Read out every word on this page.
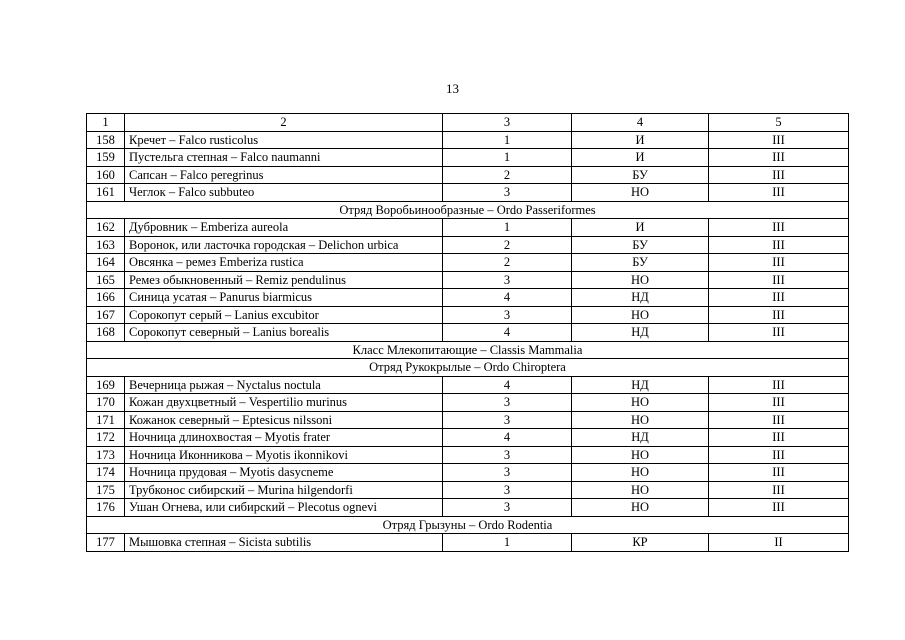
13
1	2	3	4	5
158	Кречет – Falco rusticolus	1	И	III
159	Пустельга степная – Falco naumanni	1	И	III
160	Сапсан – Falco peregrinus	2	БУ	III
161	Чеглок – Falco subbuteo	3	НО	III
Отряд Воробьинообразные – Ordo Passeriformes				
162	Дубровник – Emberiza aureola	1	И	III
163	Воронок, или ласточка городская – Delichon urbica	2	БУ	III
164	Овсянка – ремез Emberiza rustica	2	БУ	III
165	Ремез обыкновенный – Remiz pendulinus	3	НО	III
166	Синица усатая – Panurus biarmicus	4	НД	III
167	Сорокопут серый – Lanius excubitor	3	НО	III
168	Сорокопут северный – Lanius borealis	4	НД	III
Класс Млекопитающие – Classis Mammalia				
Отряд Рукокрылые – Ordo Chiroptera				
169	Вечерница рыжая – Nyctalus noctula	4	НД	III
170	Кожан двухцветный – Vespertilio murinus	3	НО	III
171	Кожанок северный – Eptesicus nilssoni	3	НО	III
172	Ночница длинохвостая – Myotis frater	4	НД	III
173	Ночница Иконникова – Myotis ikonnikovi	3	НО	III
174	Ночница прудовая – Myotis dasycneme	3	НО	III
175	Трубконос сибирский – Murina hilgendorfi	3	НО	III
176	Ушан Огнева, или сибирский – Plecotus ognevi	3	НО	III
Отряд Грызуны – Ordo Rodentia				
177	Мышовка степная – Sicista subtilis	1	КР	II
